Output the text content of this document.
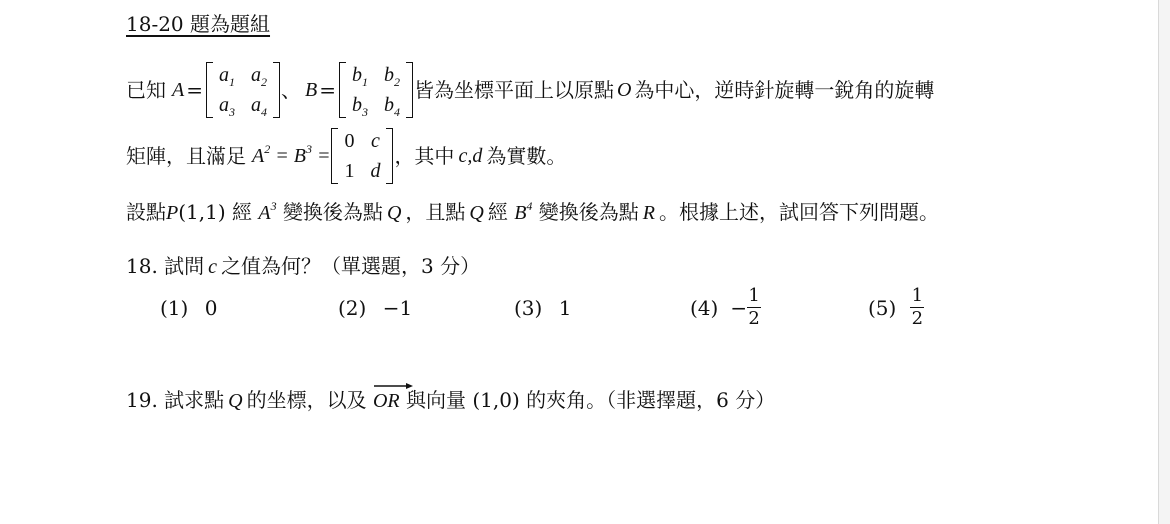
18-20 題為題組
已知 A =
$a_1$	$a_2$
$a_3$	$a_4$
、 B =
$b_1$	$b_2$
$b_3$	$b_4$
皆為坐標平面上以原點 O 為中心，逆時針旋轉一銳角的旋轉
矩陣，且滿足 $A^2 = B^3$ =
0	c
1	d
，其中 c,d 為實數。
設點P(1,1) 經 $A^3$ 變換後為點 Q ，且點 Q 經 $B^4$ 變換後為點 R 。根據上述，試回答下列問題。
18. 試問 c 之值為何？（單選題，3 分）
(1) 0	(2) −1	(3) 1	$(4) - \frac{1}{2}$	$(5) \frac{1}{2}$
19. 試求點 Q 的坐標，以及 OR 與向量 (1,0) 的夾角。（非選擇題，6 分）
